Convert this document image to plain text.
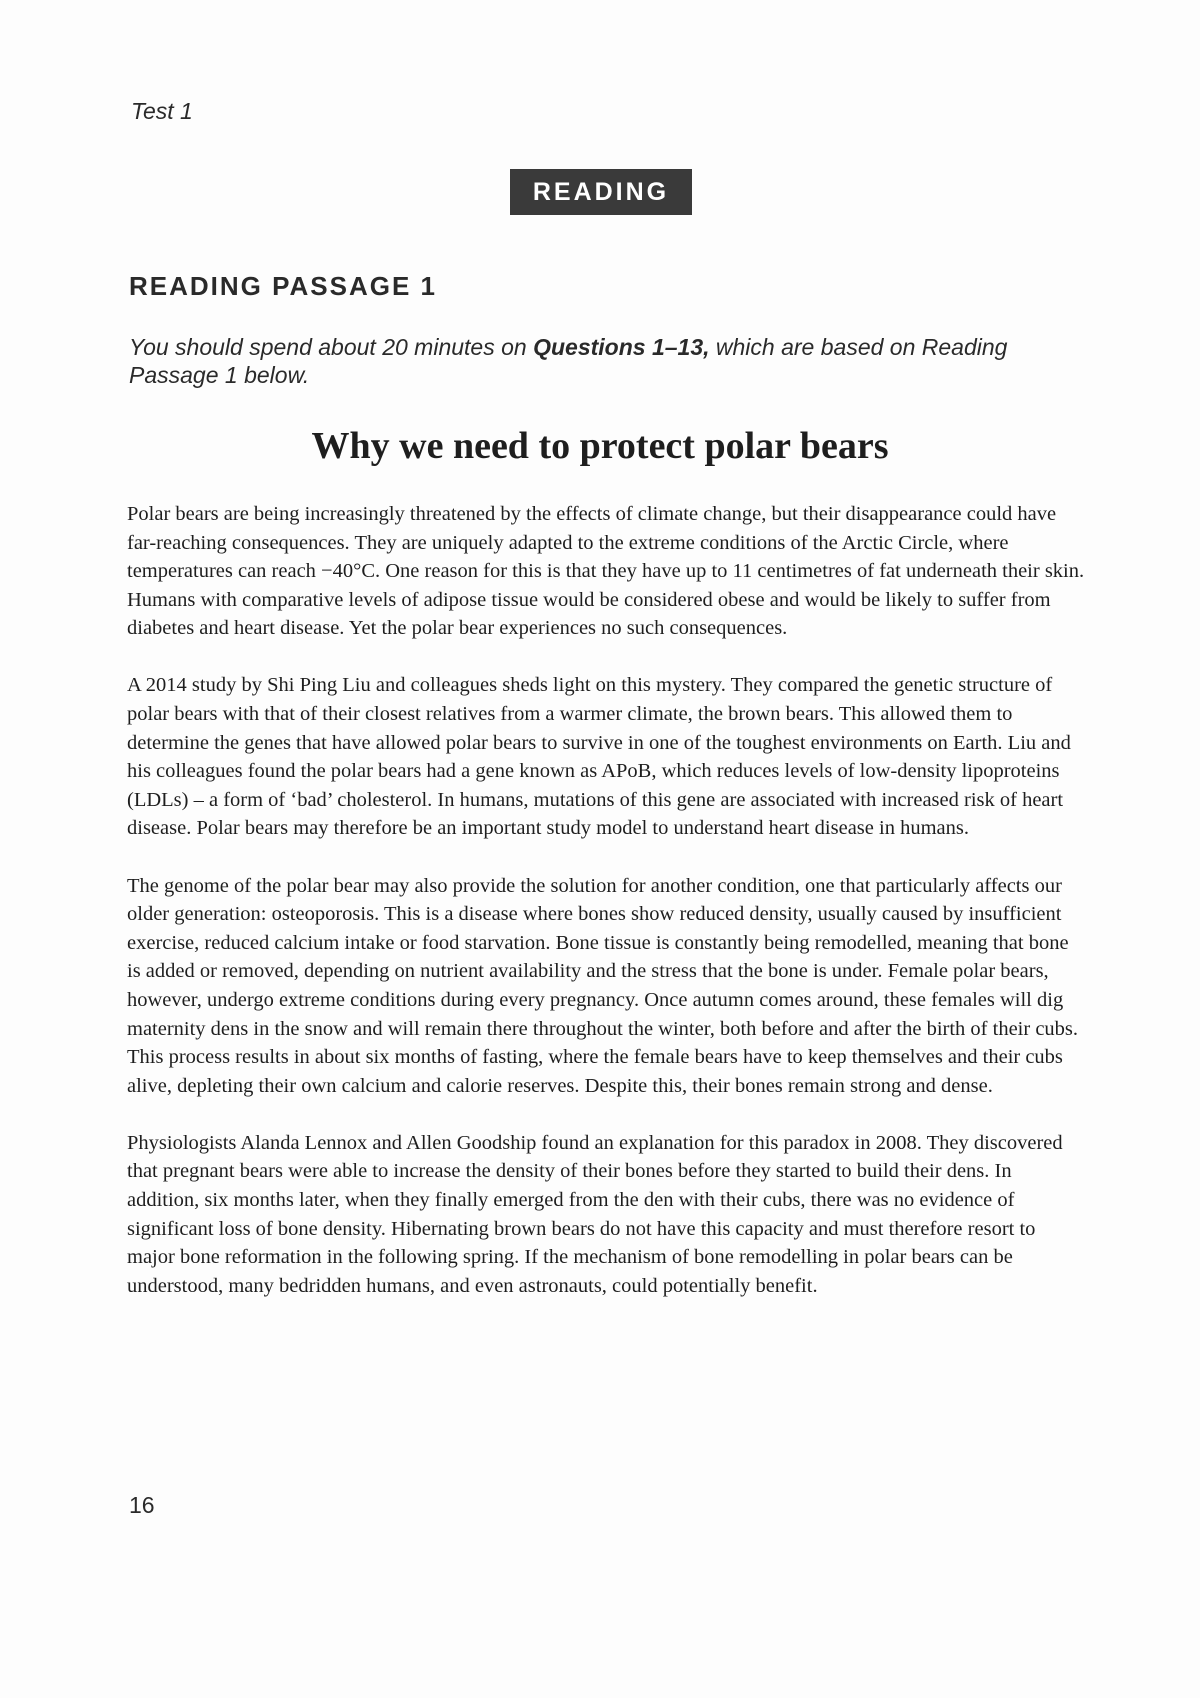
Test 1
READING
READING PASSAGE 1
You should spend about 20 minutes on Questions 1–13, which are based on Reading Passage 1 below.
Why we need to protect polar bears

Polar bears are being increasingly threatened by the effects of climate change, but their disappearance could have far-reaching consequences. They are uniquely adapted to the extreme conditions of the Arctic Circle, where temperatures can reach −40°C. One reason for this is that they have up to 11 centimetres of fat underneath their skin. Humans with comparative levels of adipose tissue would be considered obese and would be likely to suffer from diabetes and heart disease. Yet the polar bear experiences no such consequences.

A 2014 study by Shi Ping Liu and colleagues sheds light on this mystery. They compared the genetic structure of polar bears with that of their closest relatives from a warmer climate, the brown bears. This allowed them to determine the genes that have allowed polar bears to survive in one of the toughest environments on Earth. Liu and his colleagues found the polar bears had a gene known as APoB, which reduces levels of low-density lipoproteins (LDLs) – a form of ‘bad’ cholesterol. In humans, mutations of this gene are associated with increased risk of heart disease. Polar bears may therefore be an important study model to understand heart disease in humans.

The genome of the polar bear may also provide the solution for another condition, one that particularly affects our older generation: osteoporosis. This is a disease where bones show reduced density, usually caused by insufficient exercise, reduced calcium intake or food starvation. Bone tissue is constantly being remodelled, meaning that bone is added or removed, depending on nutrient availability and the stress that the bone is under. Female polar bears, however, undergo extreme conditions during every pregnancy. Once autumn comes around, these females will dig maternity dens in the snow and will remain there throughout the winter, both before and after the birth of their cubs. This process results in about six months of fasting, where the female bears have to keep themselves and their cubs alive, depleting their own calcium and calorie reserves. Despite this, their bones remain strong and dense.

Physiologists Alanda Lennox and Allen Goodship found an explanation for this paradox in 2008. They discovered that pregnant bears were able to increase the density of their bones before they started to build their dens. In addition, six months later, when they finally emerged from the den with their cubs, there was no evidence of significant loss of bone density. Hibernating brown bears do not have this capacity and must therefore resort to major bone reformation in the following spring. If the mechanism of bone remodelling in polar bears can be understood, many bedridden humans, and even astronauts, could potentially benefit.

16
